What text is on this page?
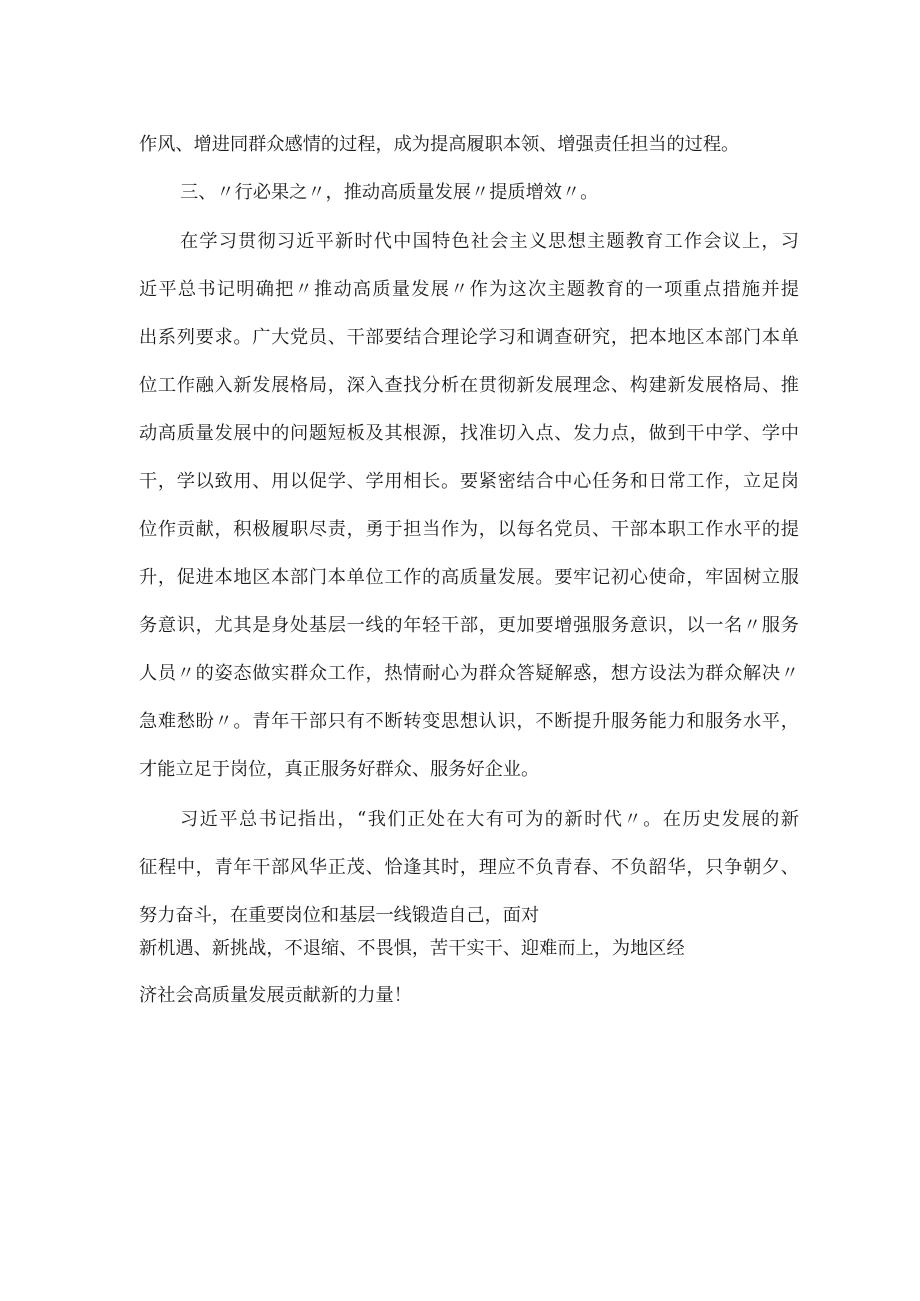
作风、增进同群众感情的过程，成为提高履职本领、增强责任担当的过程。
三、〃行必果之〃，推动高质量发展〃提质增效〃。
在学习贯彻习近平新时代中国特色社会主义思想主题教育工作会议上，习
近平总书记明确把〃推动高质量发展〃作为这次主题教育的一项重点措施并提
出系列要求。广大党员、干部要结合理论学习和调查研究，把本地区本部门本单
位工作融入新发展格局，深入查找分析在贯彻新发展理念、构建新发展格局、推
动高质量发展中的问题短板及其根源，找准切入点、发力点，做到干中学、学中
干，学以致用、用以促学、学用相长。要紧密结合中心任务和日常工作，立足岗
位作贡献，积极履职尽责，勇于担当作为，以每名党员、干部本职工作水平的提
升，促进本地区本部门本单位工作的高质量发展。要牢记初心使命，牢固树立服
务意识，尤其是身处基层一线的年轻干部，更加要增强服务意识，以一名〃服务
人员〃的姿态做实群众工作，热情耐心为群众答疑解惑，想方设法为群众解决〃
急难愁盼〃。青年干部只有不断转变思想认识，不断提升服务能力和服务水平，
才能立足于岗位，真正服务好群众、服务好企业。
习近平总书记指出，“我们正处在大有可为的新时代〃。在历史发展的新
征程中，青年干部风华正茂、恰逢其时，理应不负青春、不负韶华，只争朝夕、
努力奋斗，在重要岗位和基层一线锻造自己，面对
新机遇、新挑战，不退缩、不畏惧，苦干实干、迎难而上，为地区经
济社会高质量发展贡献新的力量！
